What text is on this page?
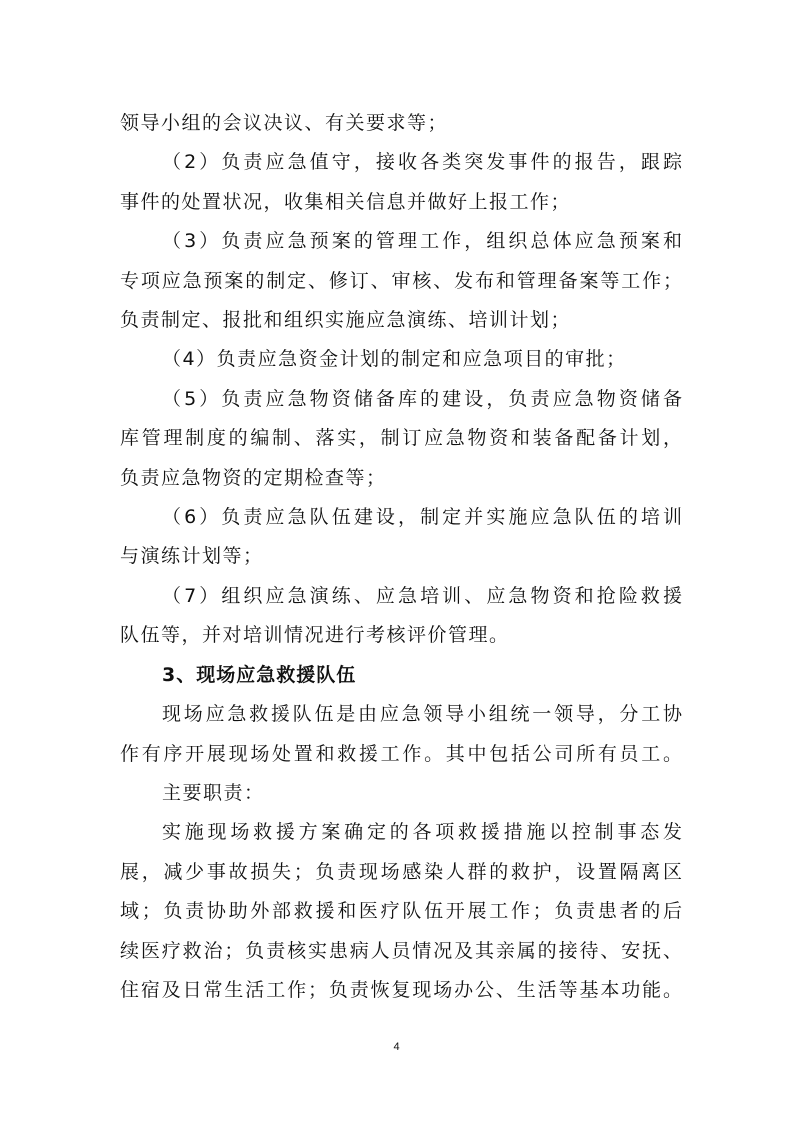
领导小组的会议决议、有关要求等；
（2）负责应急值守，接收各类突发事件的报告，跟踪
事件的处置状况，收集相关信息并做好上报工作；
（3）负责应急预案的管理工作，组织总体应急预案和
专项应急预案的制定、修订、审核、发布和管理备案等工作；
负责制定、报批和组织实施应急演练、培训计划；
（4）负责应急资金计划的制定和应急项目的审批；
（5）负责应急物资储备库的建设，负责应急物资储备
库管理制度的编制、落实，制订应急物资和装备配备计划，
负责应急物资的定期检查等；
（6）负责应急队伍建设，制定并实施应急队伍的培训
与演练计划等；
（7）组织应急演练、应急培训、应急物资和抢险救援
队伍等，并对培训情况进行考核评价管理。
3、现场应急救援队伍
现场应急救援队伍是由应急领导小组统一领导，分工协
作有序开展现场处置和救援工作。其中包括公司所有员工。
主要职责：
实施现场救援方案确定的各项救援措施以控制事态发
展，减少事故损失；负责现场感染人群的救护，设置隔离区
域；负责协助外部救援和医疗队伍开展工作；负责患者的后
续医疗救治；负责核实患病人员情况及其亲属的接待、安抚、
住宿及日常生活工作；负责恢复现场办公、生活等基本功能。
4
